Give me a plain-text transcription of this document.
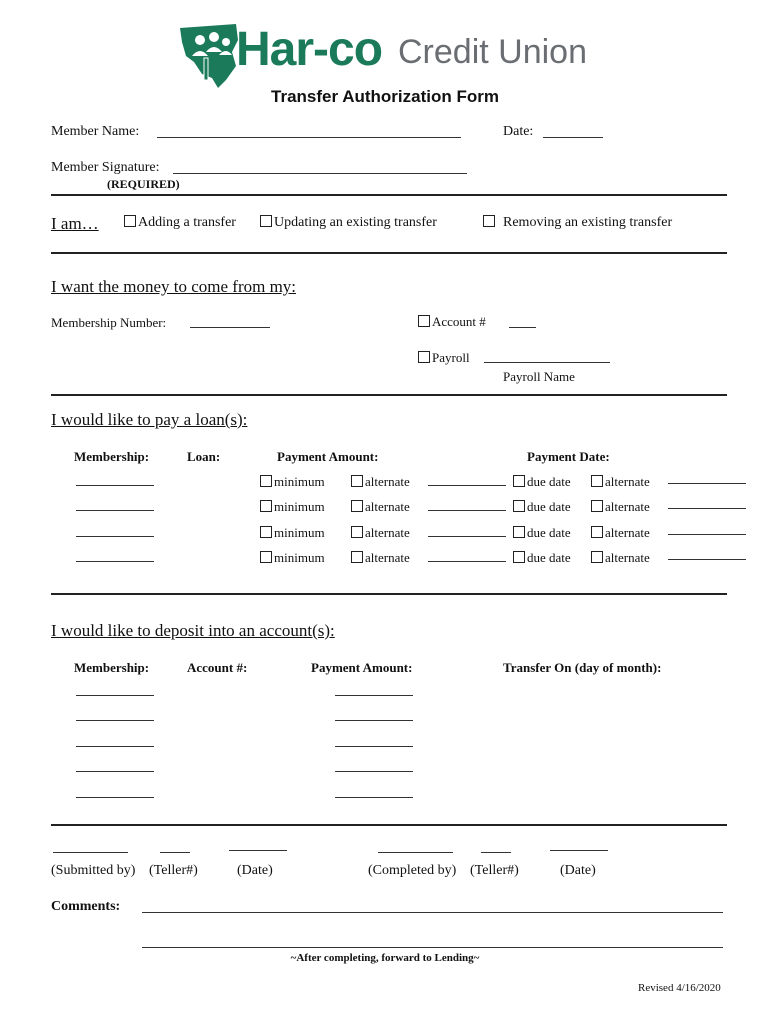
Har-co Credit Union
Transfer Authorization Form
Member Name:	Date:
Member Signature:
(REQUIRED)
I am…	Adding a transfer	Updating an existing transfer	Removing an existing transfer
I want the money to come from my:
Membership Number:	Account #
Payroll
Payroll Name
I would like to pay a loan(s):
Membership:	Loan:	Payment Amount:	Payment Date:
minimum	alternate	due date	alternate
minimum	alternate	due date	alternate
minimum	alternate	due date	alternate
minimum	alternate	due date	alternate
I would like to deposit into an account(s):
Membership:	Account #:	Payment Amount:	Transfer On (day of month):
(Submitted by) (Teller#)	(Date)	(Completed by) (Teller#)	(Date)
Comments:
~After completing, forward to Lending~
Revised 4/16/2020
